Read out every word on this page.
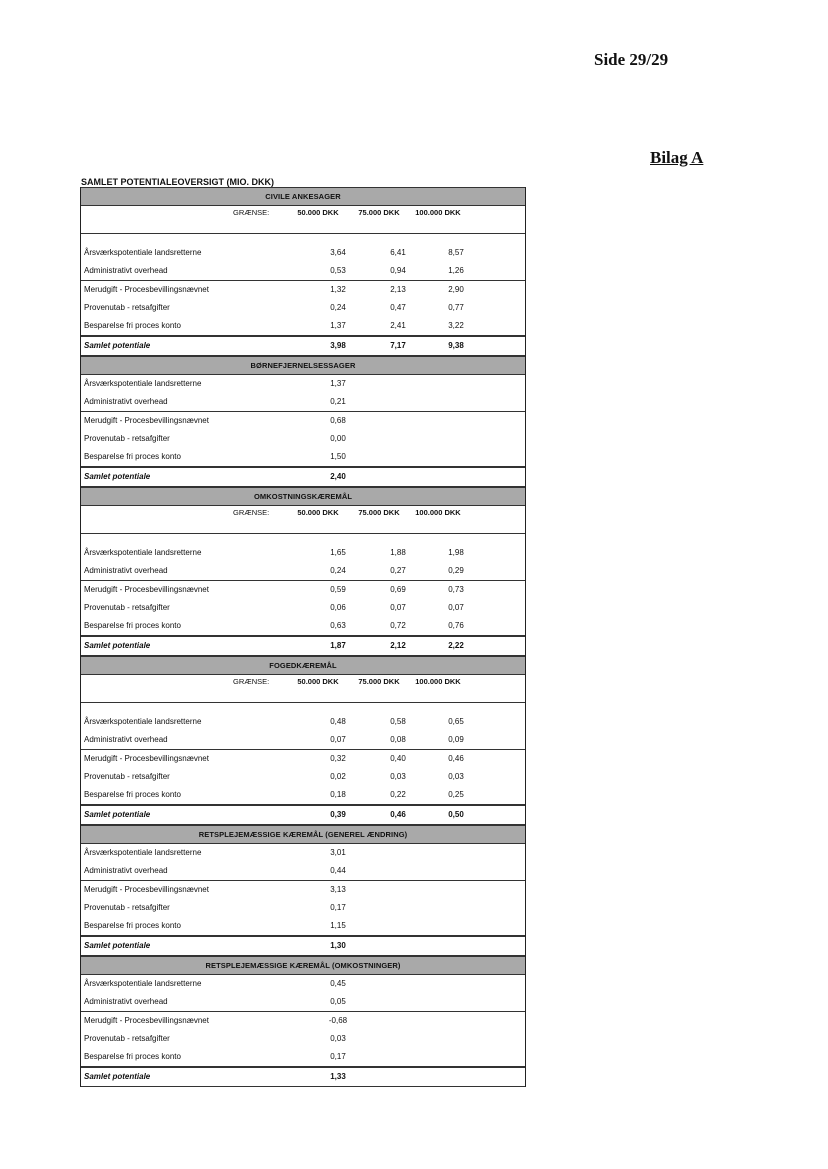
Side 29/29
Bilag A
SAMLET POTENTIALEOVERSIGT (MIO. DKK)
CIVILE ANKESAGER
GRÆNSE:	50.000 DKK	75.000 DKK	100.000 DKK
Årsværkspotentiale landsretterne	3,64	6,41	8,57
Administrativt overhead	0,53	0,94	1,26
Merudgift - Procesbevillingsnævnet	1,32	2,13	2,90
Provenutab - retsafgifter	0,24	0,47	0,77
Besparelse fri proces konto	1,37	2,41	3,22
Samlet potentiale	3,98	7,17	9,38
BØRNEFJERNELSESSAGER
Årsværkspotentiale landsretterne	1,37
Administrativt overhead	0,21
Merudgift - Procesbevillingsnævnet	0,68
Provenutab - retsafgifter	0,00
Besparelse fri proces konto	1,50
Samlet potentiale	2,40
OMKOSTNINGSKÆREMÅL
GRÆNSE:	50.000 DKK	75.000 DKK	100.000 DKK
Årsværkspotentiale landsretterne	1,65	1,88	1,98
Administrativt overhead	0,24	0,27	0,29
Merudgift - Procesbevillingsnævnet	0,59	0,69	0,73
Provenutab - retsafgifter	0,06	0,07	0,07
Besparelse fri proces konto	0,63	0,72	0,76
Samlet potentiale	1,87	2,12	2,22
FOGEDKÆREMÅL
GRÆNSE:	50.000 DKK	75.000 DKK	100.000 DKK
Årsværkspotentiale landsretterne	0,48	0,58	0,65
Administrativt overhead	0,07	0,08	0,09
Merudgift - Procesbevillingsnævnet	0,32	0,40	0,46
Provenutab - retsafgifter	0,02	0,03	0,03
Besparelse fri proces konto	0,18	0,22	0,25
Samlet potentiale	0,39	0,46	0,50
RETSPLEJEMÆSSIGE KÆREMÅL (GENEREL ÆNDRING)
Årsværkspotentiale landsretterne	3,01
Administrativt overhead	0,44
Merudgift - Procesbevillingsnævnet	3,13
Provenutab - retsafgifter	0,17
Besparelse fri proces konto	1,15
Samlet potentiale	1,30
RETSPLEJEMÆSSIGE KÆREMÅL (OMKOSTNINGER)
Årsværkspotentiale landsretterne	0,45
Administrativt overhead	0,05
Merudgift - Procesbevillingsnævnet	-0,68
Provenutab - retsafgifter	0,03
Besparelse fri proces konto	0,17
Samlet potentiale	1,33
